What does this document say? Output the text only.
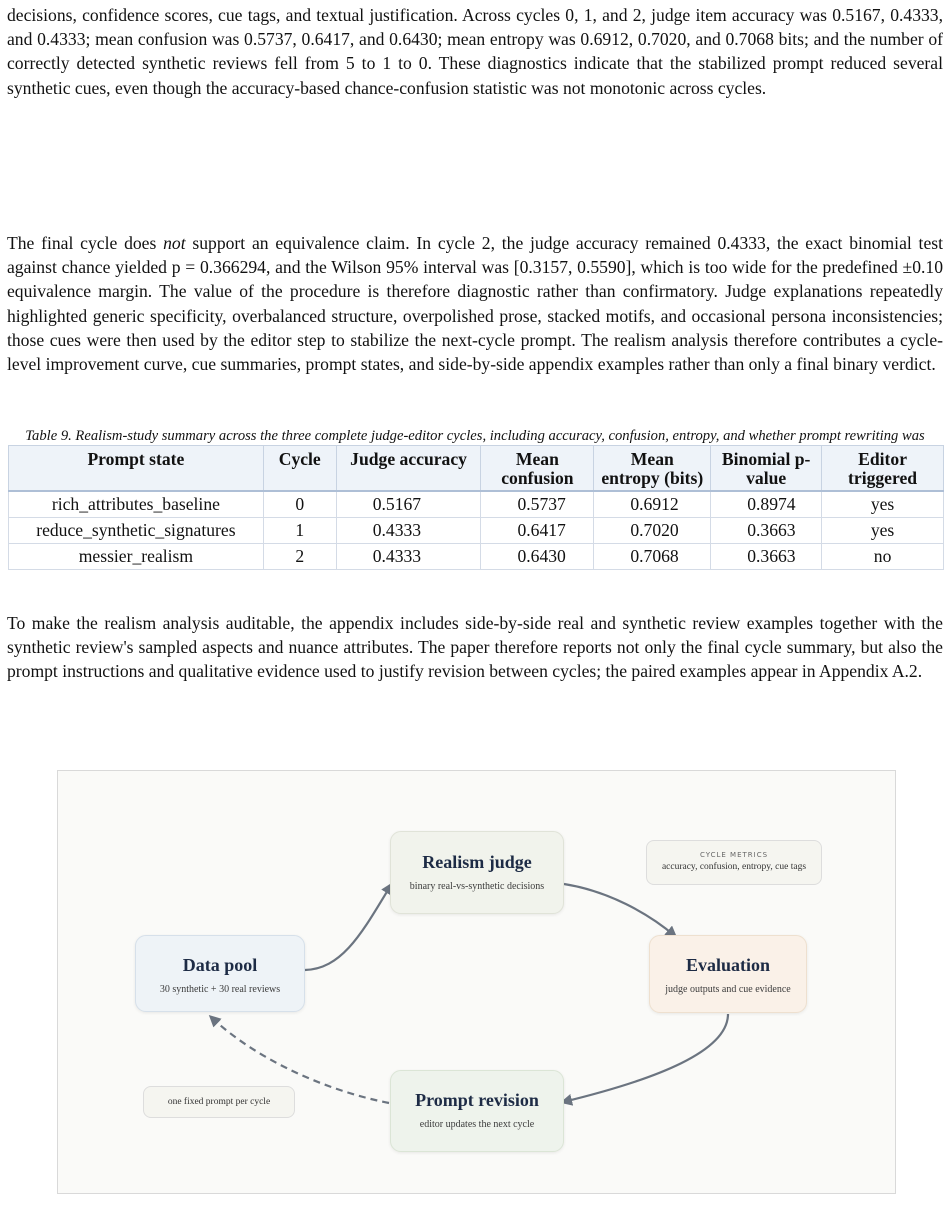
decisions, confidence scores, cue tags, and textual justification. Across cycles 0, 1, and 2, judge item accuracy was 0.5167, 0.4333, and 0.4333; mean confusion was 0.5737, 0.6417, and 0.6430; mean entropy was 0.6912, 0.7020, and 0.7068 bits; and the number of correctly detected synthetic reviews fell from 5 to 1 to 0. These diagnostics indicate that the stabilized prompt reduced several synthetic cues, even though the accuracy-based chance-confusion statistic was not monotonic across cycles.

The final cycle does not support an equivalence claim. In cycle 2, the judge accuracy remained 0.4333, the exact binomial test against chance yielded p = 0.366294, and the Wilson 95% interval was [0.3157, 0.5590], which is too wide for the predefined ±0.10 equivalence margin. The value of the procedure is therefore diagnostic rather than confirmatory. Judge explanations repeatedly highlighted generic specificity, overbalanced structure, overpolished prose, stacked motifs, and occasional persona inconsistencies; those cues were then used by the editor step to stabilize the next-cycle prompt. The realism analysis therefore contributes a cycle-level improvement curve, cue summaries, prompt states, and side-by-side appendix examples rather than only a final binary verdict.

Table 9. Realism-study summary across the three complete judge-editor cycles, including accuracy, confusion, entropy, and whether prompt rewriting was

Prompt state	Cycle	Judge accuracy	Mean confusion	Mean entropy (bits)	Binomial p-value	Editor triggered
rich_attributes_baseline	0	0.5167	0.5737	0.6912	0.8974	yes
reduce_synthetic_signatures	1	0.4333	0.6417	0.7020	0.3663	yes
messier_realism	2	0.4333	0.6430	0.7068	0.3663	no

To make the realism analysis auditable, the appendix includes side-by-side real and synthetic review examples together with the synthetic review's sampled aspects and nuance attributes. The paper therefore reports not only the final cycle summary, but also the prompt instructions and qualitative evidence used to justify revision between cycles; the paired examples appear in Appendix A.2.

Data pool
30 synthetic + 30 real reviews
Realism judge
binary real-vs-synthetic decisions
Evaluation
judge outputs and cue evidence
Prompt revision
editor updates the next cycle
CYCLE METRICS
accuracy, confusion, entropy, cue tags
one fixed prompt per cycle
